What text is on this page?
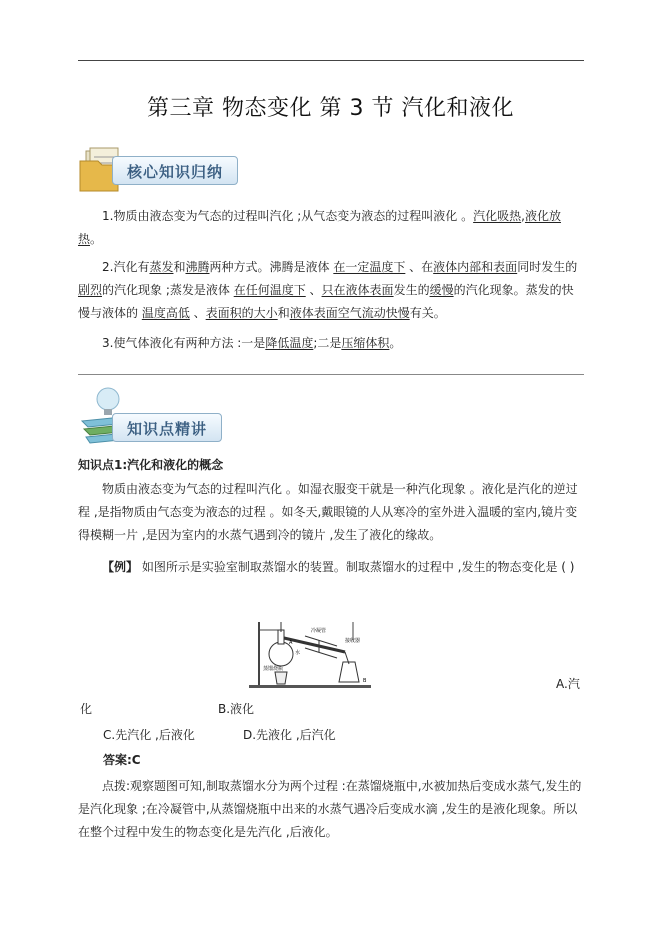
第三章 物态变化 第 3 节 汽化和液化
核心知识归纳
1.物质由液态变为气态的过程叫汽化 ;从气态变为液态的过程叫液化 。汽化吸热,液化放热。
2.汽化有蒸发和沸腾两种方式。沸腾是液体 在一定温度下 、在液体内部和表面同时发生的剧烈的汽化现象 ;蒸发是液体 在任何温度下 、只在液体表面发生的缓慢的汽化现象。蒸发的快慢与液体的 温度高低 、表面积的大小和液体表面空气流动快慢有关。
3.使气体液化有两种方法 :一是降低温度;二是压缩体积。
知识点精讲
知识点1:汽化和液化的概念
物质由液态变为气态的过程叫汽化 。如湿衣服变干就是一种汽化现象 。液化是汽化的逆过程 ,是指物质由气态变为液态的过程 。如冬天,戴眼镜的人从寒冷的室外进入温暖的室内,镜片变得模糊一片 ,是因为室内的水蒸气遇到冷的镜片 ,发生了液化的缘故。
【例】 如图所示是实验室制取蒸馏水的装置。制取蒸馏水的过程中 ,发生的物态变化是 ( )
冷凝管
接收器
水
蒸馏烧瓶
A
B	A.汽
化	B.液化
C.先汽化 ,后液化	D.先液化 ,后汽化
答案:C
点拨:观察题图可知,制取蒸馏水分为两个过程 :在蒸馏烧瓶中,水被加热后变成水蒸气,发生的是汽化现象 ;在冷凝管中,从蒸馏烧瓶中出来的水蒸气遇冷后变成水滴 ,发生的是液化现象。所以在整个过程中发生的物态变化是先汽化 ,后液化。
